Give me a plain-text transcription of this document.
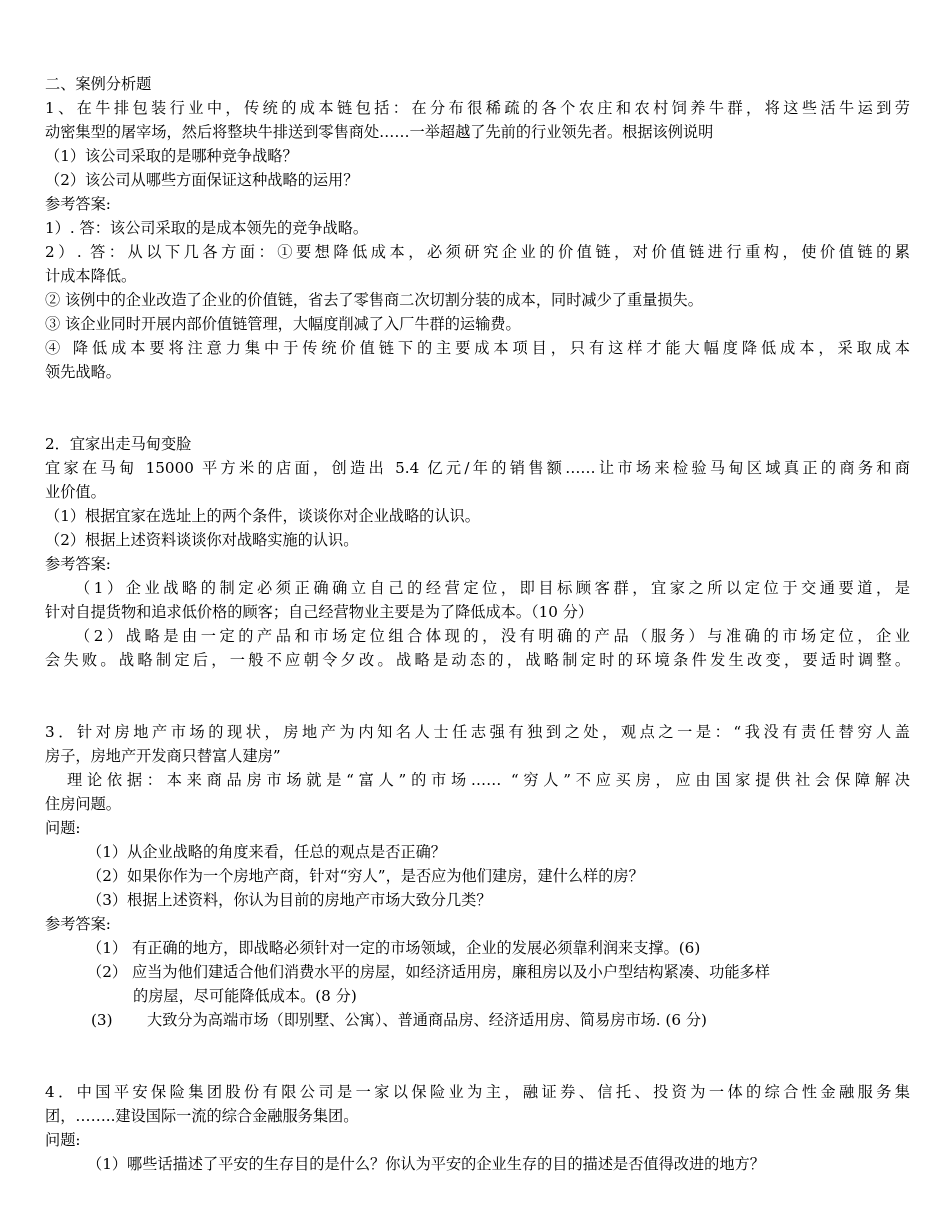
二、案例分析题
1、在牛排包装行业中，传统的成本链包括：在分布很稀疏的各个农庄和农村饲养牛群，将这些活牛运到劳
动密集型的屠宰场，然后将整块牛排送到零售商处……一举超越了先前的行业领先者。根据该例说明
（1）该公司采取的是哪种竞争战略？
（2）该公司从哪些方面保证这种战略的运用？
参考答案:
1）. 答：该公司采取的是成本领先的竞争战略。
2）. 答：从以下几各方面：①要想降低成本，必须研究企业的价值链，对价值链进行重构，使价值链的累
计成本降低。
② 该例中的企业改造了企业的价值链，省去了零售商二次切割分装的成本，同时减少了重量损失。
③ 该企业同时开展内部价值链管理，大幅度削减了入厂牛群的运输费。
④ 降低成本要将注意力集中于传统价值链下的主要成本项目，只有这样才能大幅度降低成本，采取成本
领先战略。
2．宜家出走马甸变脸
宜家在马甸 15000 平方米的店面，创造出 5.4 亿元/年的销售额……让市场来检验马甸区域真正的商务和商
业价值。
（1）根据宜家在选址上的两个条件，谈谈你对企业战略的认识。
（2）根据上述资料谈谈你对战略实施的认识。
参考答案:
（1）企业战略的制定必须正确确立自己的经营定位，即目标顾客群，宜家之所以定位于交通要道，是
针对自提货物和追求低价格的顾客；自己经营物业主要是为了降低成本。（10 分）
（2）战略是由一定的产品和市场定位组合体现的，没有明确的产品（服务）与准确的市场定位，企业
会失败。战略制定后，一般不应朝令夕改。战略是动态的，战略制定时的环境条件发生改变，要适时调整。
3．针对房地产市场的现状，房地产为内知名人士任志强有独到之处，观点之一是：“我没有责任替穷人盖
房子，房地产开发商只替富人建房”
理论依据：本来商品房市场就是“富人”的市场…… “穷人”不应买房，应由国家提供社会保障解决
住房问题。
问题:
（1）从企业战略的角度来看，任总的观点是否正确？
（2）如果你作为一个房地产商，针对“穷人”，是否应为他们建房，建什么样的房？
（3）根据上述资料，你认为目前的房地产市场大致分几类？
参考答案:
（1） 有正确的地方，即战略必须针对一定的市场领域，企业的发展必须靠利润来支撑。(6)
（2） 应当为他们建适合他们消费水平的房屋，如经济适用房，廉租房以及小户型结构紧凑、功能多样
的房屋，尽可能降低成本。(8 分)
(3) 大致分为高端市场（即别墅、公寓）、普通商品房、经济适用房、简易房市场. (6 分)
4．中国平安保险集团股份有限公司是一家以保险业为主，融证券、信托、投资为一体的综合性金融服务集
团，……..建设国际一流的综合金融服务集团。
问题:
（1）哪些话描述了平安的生存目的是什么？你认为平安的企业生存的目的描述是否值得改进的地方？
